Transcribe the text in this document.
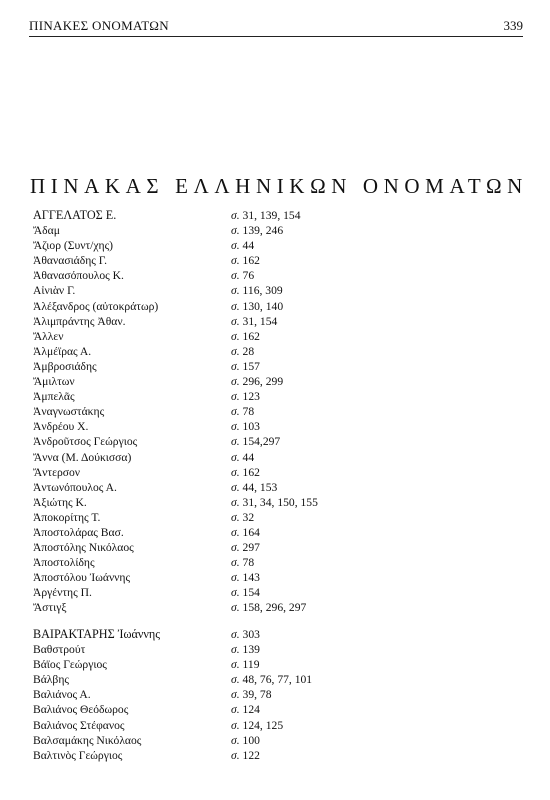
ΠΙΝΑΚΕΣ ΟΝΟΜΑΤΩΝ	339
ΠΙΝΑΚΑΣ ΕΛΛΗΝΙΚΩΝ ΟΝΟΜΑΤΩΝ
ΑΓΓΕΛΑΤΟΣ Ε.	σ. 31, 139, 154
Ἄδαμ	σ. 139, 246
Ἄζιορ (Συντ/χης)	σ. 44
Ἀθανασιάδης Γ.	σ. 162
Ἀθανασόπουλος Κ.	σ. 76
Αἰνιὰν Γ.	σ. 116, 309
Ἀλέξανδρος (αὐτοκράτωρ)	σ. 130, 140
Ἀλιμπράντης Ἀθαν.	σ. 31, 154
Ἄλλεν	σ. 162
Ἀλμέϊρας Α.	σ. 28
Ἀμβροσιάδης	σ. 157
Ἄμιλτων	σ. 296, 299
Ἀμπελᾶς	σ. 123
Ἀναγνωστάκης	σ. 78
Ἀνδρέου Χ.	σ. 103
Ἀνδροῦτσος Γεώργιος	σ. 154,297
Ἄννα (Μ. Δούκισσα)	σ. 44
Ἄντερσον	σ. 162
Ἀντωνόπουλος Α.	σ. 44, 153
Ἀξιώτης Κ.	σ. 31, 34, 150, 155
Ἀποκορίτης Τ.	σ. 32
Ἀποστολάρας Βασ.	σ. 164
Ἀποστόλης Νικόλαος	σ. 297
Ἀποστολίδης	σ. 78
Ἀποστόλου Ἰωάννης	σ. 143
Ἀργέντης Π.	σ. 154
Ἄστιγξ	σ. 158, 296, 297
ΒΑΙΡΑΚΤΑΡΗΣ Ἰωάννης	σ. 303
Βαθστρούτ	σ. 139
Βάϊος Γεώργιος	σ. 119
Βάλβης	σ. 48, 76, 77, 101
Βαλιάνος Α.	σ. 39, 78
Βαλιάνος Θεόδωρος	σ. 124
Βαλιάνος Στέφανος	σ. 124, 125
Βαλσαμάκης Νικόλαος	σ. 100
Βαλτινὸς Γεώργιος	σ. 122
